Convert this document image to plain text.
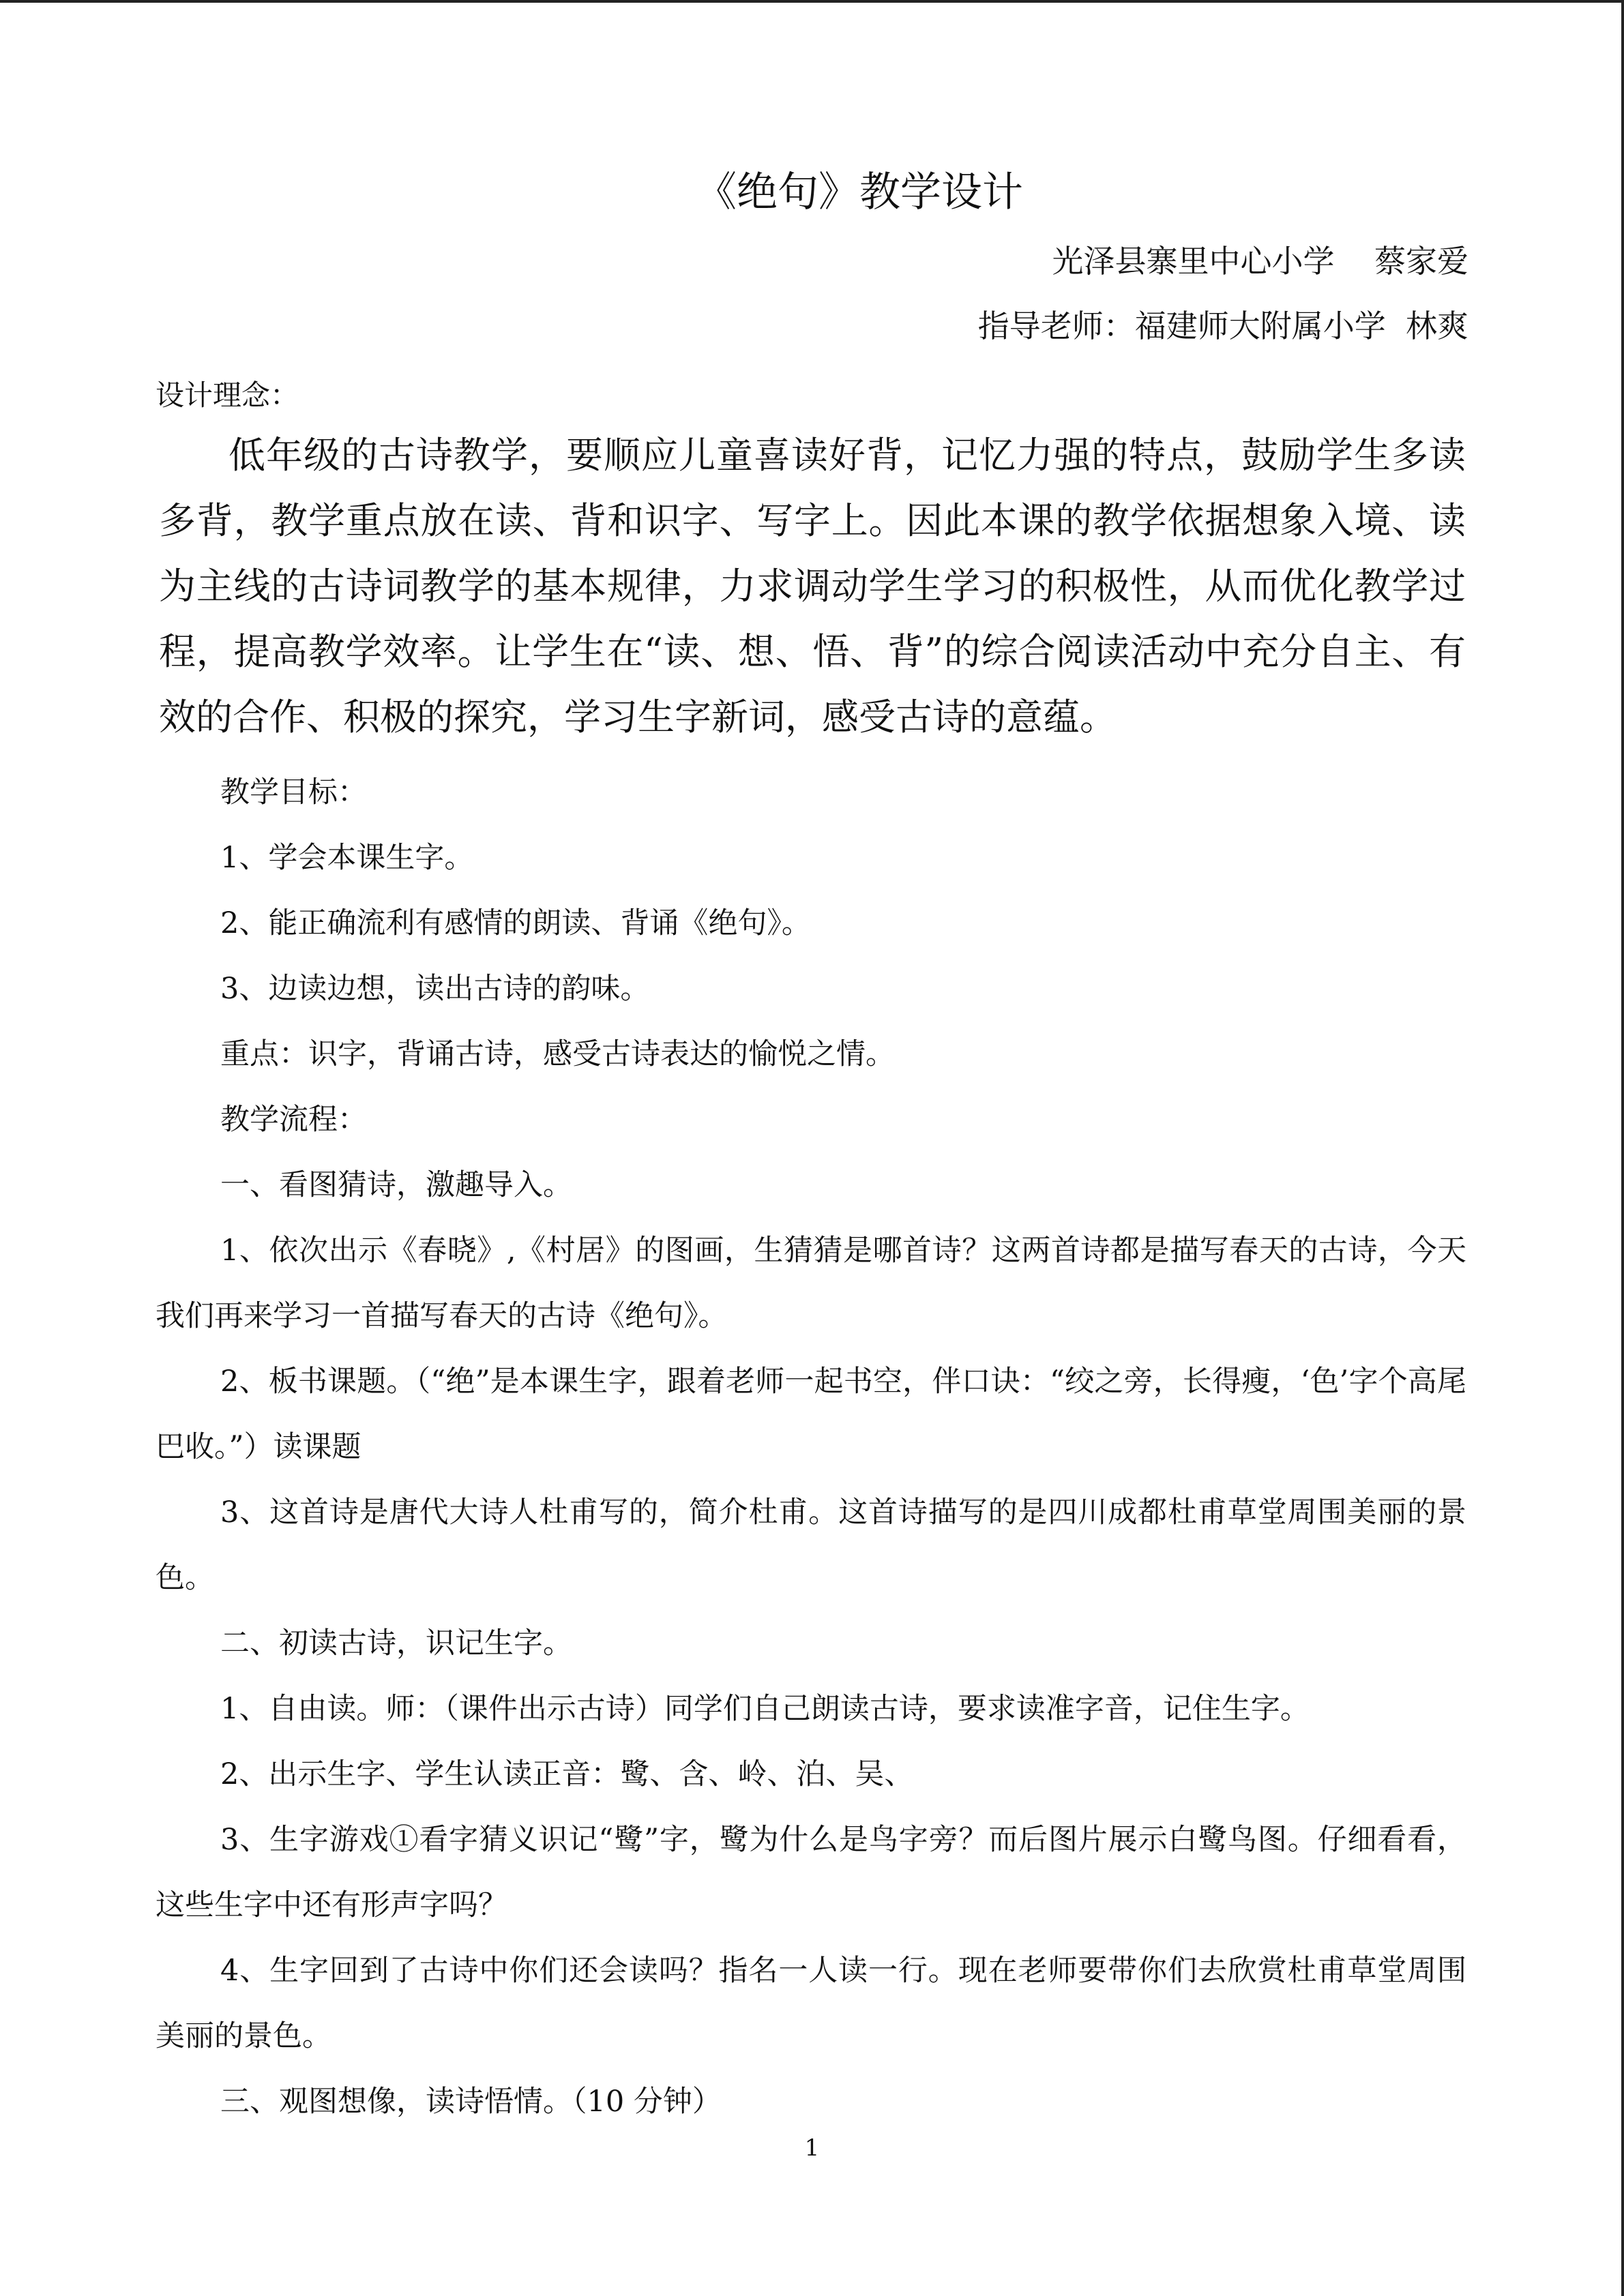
《绝句》教学设计

光泽县寨里中心小学    蔡家爱

指导老师：福建师大附属小学  林爽

设计理念：

低年级的古诗教学，要顺应儿童喜读好背，记忆力强的特点，鼓励学生多读多背，教学重点放在读、背和识字、写字上。因此本课的教学依据想象入境、读为主线的古诗词教学的基本规律，力求调动学生学习的积极性，从而优化教学过程，提高教学效率。让学生在“读、想、悟、背”的综合阅读活动中充分自主、有效的合作、积极的探究，学习生字新词，感受古诗的意蕴。

教学目标：

1、学会本课生字。

2、能正确流利有感情的朗读、背诵《绝句》。

3、边读边想，读出古诗的韵味。

重点：识字，背诵古诗，感受古诗表达的愉悦之情。

教学流程：

一、看图猜诗，激趣导入。

1、依次出示《春晓》,《村居》的图画，生猜猜是哪首诗？这两首诗都是描写春天的古诗，今天我们再来学习一首描写春天的古诗《绝句》。

2、板书课题。（“绝”是本课生字，跟着老师一起书空，伴口诀：“绞之旁，长得瘦，‘色’字个高尾巴收。”）读课题

3、这首诗是唐代大诗人杜甫写的，简介杜甫。这首诗描写的是四川成都杜甫草堂周围美丽的景色。

二、初读古诗，识记生字。

1、自由读。师：（课件出示古诗）同学们自己朗读古诗，要求读准字音，记住生字。

2、出示生字、学生认读正音：鹭、含、岭、泊、吴、

3、生字游戏①看字猜义识记“鹭”字，鹭为什么是鸟字旁？而后图片展示白鹭鸟图。仔细看看，这些生字中还有形声字吗？

4、生字回到了古诗中你们还会读吗？指名一人读一行。现在老师要带你们去欣赏杜甫草堂周围美丽的景色。

三、观图想像，读诗悟情。（10 分钟）

1
